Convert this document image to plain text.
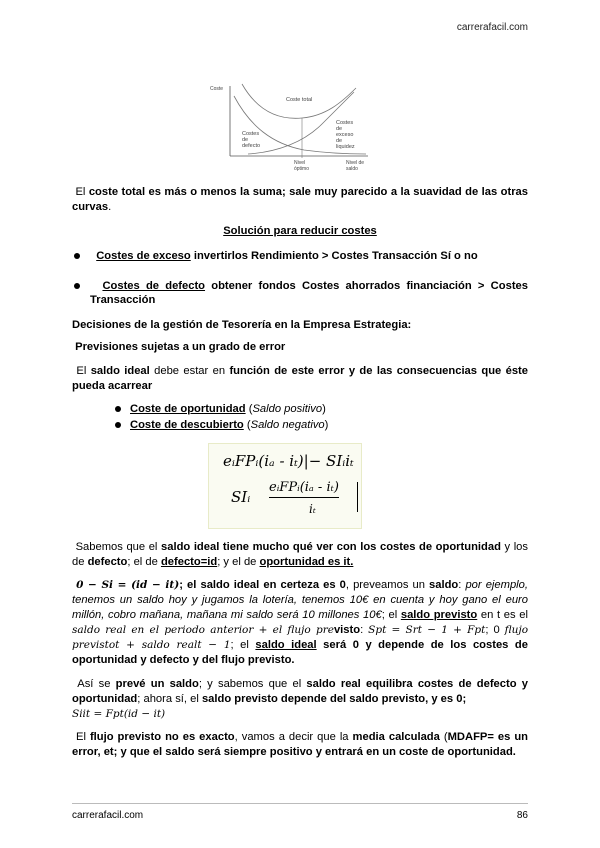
carrerafacil.com
Coste
Coste total
Costes
de
defecto
Costes
de
exceso
de
liquidez
Nivel
óptimo
Nivel de
saldo
El coste total es más o menos la suma; sale muy parecido a la suavidad de las otras curvas.
Solución para reducir costes
Costes de exceso invertirlos Rendimiento > Costes Transacción Sí o no
Costes de defecto obtener fondos Costes ahorrados financiación > Costes Transacción
Decisiones de la gestión de Tesorería en la Empresa Estrategia:
Previsiones sujetas a un grado de error
El saldo ideal debe estar en función de este error y de las consecuencias que éste pueda acarrear
Coste de oportunidad (Saldo positivo)
Coste de descubierto (Saldo negativo)
eᵢFPᵢ(iₐ - iₜ)|− SIᵢiₜ
SIᵢ
eᵢFPᵢ(iₐ - iₜ)
iₜ
Sabemos que el saldo ideal tiene mucho qué ver con los costes de oportunidad y los de defecto; el de defecto=id; y el de oportunidad es it.
0 − Si = (id − it); el saldo ideal en certeza es 0, preveamos un saldo: por ejemplo, tenemos un saldo hoy y jugamos la lotería, tenemos 10€ en cuenta y hoy gano el euro millón, cobro mañana, mañana mi saldo será 10 millones 10€; el saldo previsto en t es el saldo real en el periodo anterior + el flujo previsto: Spt = Srt − 1 + Fpt; 0 flujo previstot + saldo realt − 1; el saldo ideal será 0 y depende de los costes de oportunidad y defecto y del flujo previsto.
Así se prevé un saldo; y sabemos que el saldo real equilibra costes de defecto y oportunidad; ahora sí, el saldo previsto depende del saldo previsto, y es 0;
Siit = Fpt(id − it)
El flujo previsto no es exacto, vamos a decir que la media calculada (MDAFP= es un error, et; y que el saldo será siempre positivo y entrará en un coste de oportunidad.
carrerafacil.com	86
